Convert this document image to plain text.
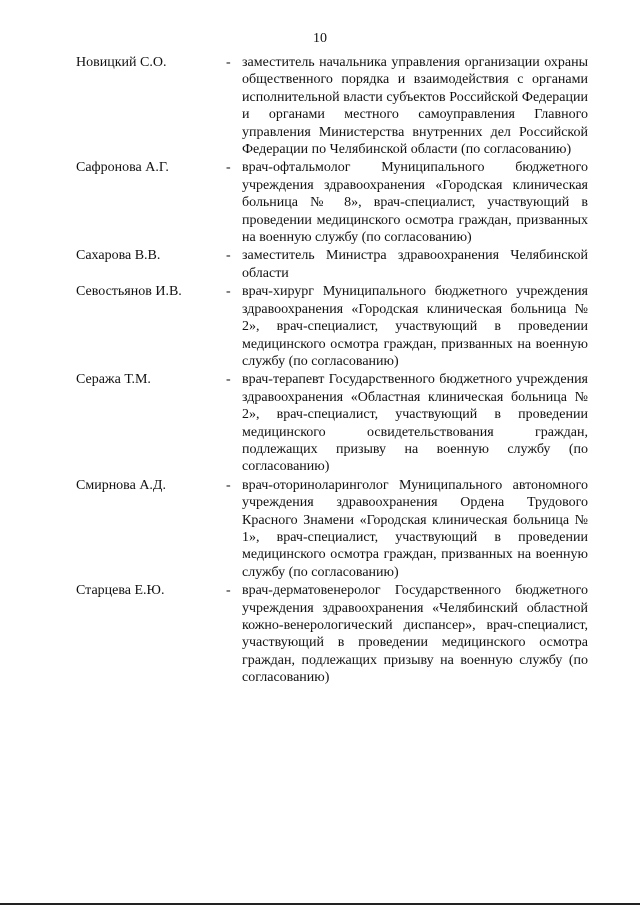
10
Новицкий С.О.	- заместитель начальника управления организации охраны общественного порядка и взаимодействия с органами исполнительной власти субъектов Российской Федерации и органами местного самоуправления Главного управления Министерства внутренних дел Российской Федерации по Челябинской области (по согласованию)
Сафронова А.Г.	- врач-офтальмолог Муниципального бюджетного учреждения здравоохранения «Городская клиническая больница № 8», врач-специалист, участвующий в проведении медицинского осмотра граждан, призванных на военную службу (по согласованию)
Сахарова В.В.	- заместитель Министра здравоохранения Челябинской области
Севостьянов И.В.	- врач-хирург Муниципального бюджетного учреждения здравоохранения «Городская клиническая больница № 2», врач-специалист, участвующий в проведении медицинского осмотра граждан, призванных на военную службу (по согласованию)
Сеража Т.М.	- врач-терапевт Государственного бюджетного учреждения здравоохранения «Областная клиническая больница № 2», врач-специалист, участвующий в проведении медицинского освидетельствования граждан, подлежащих призыву на военную службу (по согласованию)
Смирнова А.Д.	- врач-оториноларинголог Муниципального автономного учреждения здравоохранения Ордена Трудового Красного Знамени «Городская клиническая больница № 1», врач-специалист, участвующий в проведении медицинского осмотра граждан, призванных на военную службу (по согласованию)
Старцева Е.Ю.	- врач-дерматовенеролог Государственного бюджетного учреждения здравоохранения «Челябинский областной кожно-венерологический диспансер», врач-специалист, участвующий в проведении медицинского осмотра граждан, подлежащих призыву на военную службу (по согласованию)
